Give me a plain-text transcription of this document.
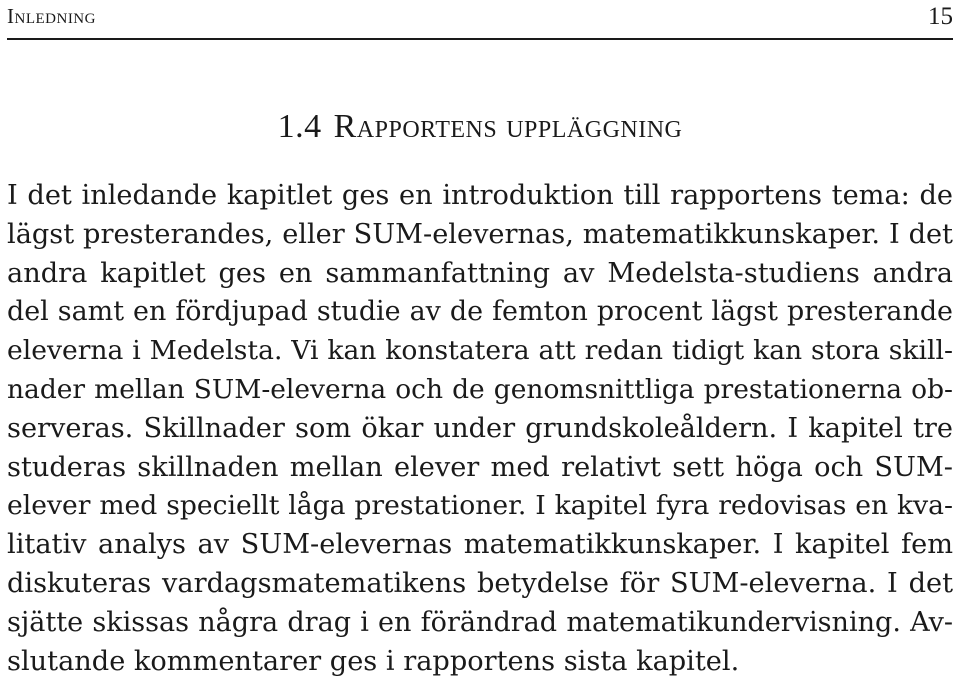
Inledning	15
1.4 Rapportens uppläggning
I det inledande kapitlet ges en introduktion till rapportens tema: de
lägst presterandes, eller SUM-elevernas, matematikkunskaper. I det
andra kapitlet ges en sammanfattning av Medelsta-studiens andra
del samt en fördjupad studie av de femton procent lägst presterande
eleverna i Medelsta. Vi kan konstatera att redan tidigt kan stora skill-
nader mellan SUM-eleverna och de genomsnittliga prestationerna ob-
serveras. Skillnader som ökar under grundskoleåldern. I kapitel tre
studeras skillnaden mellan elever med relativt sett höga och SUM-
elever med speciellt låga prestationer. I kapitel fyra redovisas en kva-
litativ analys av SUM-elevernas matematikkunskaper. I kapitel fem
diskuteras vardagsmatematikens betydelse för SUM-eleverna. I det
sjätte skissas några drag i en förändrad matematikundervisning. Av-
slutande kommentarer ges i rapportens sista kapitel.
